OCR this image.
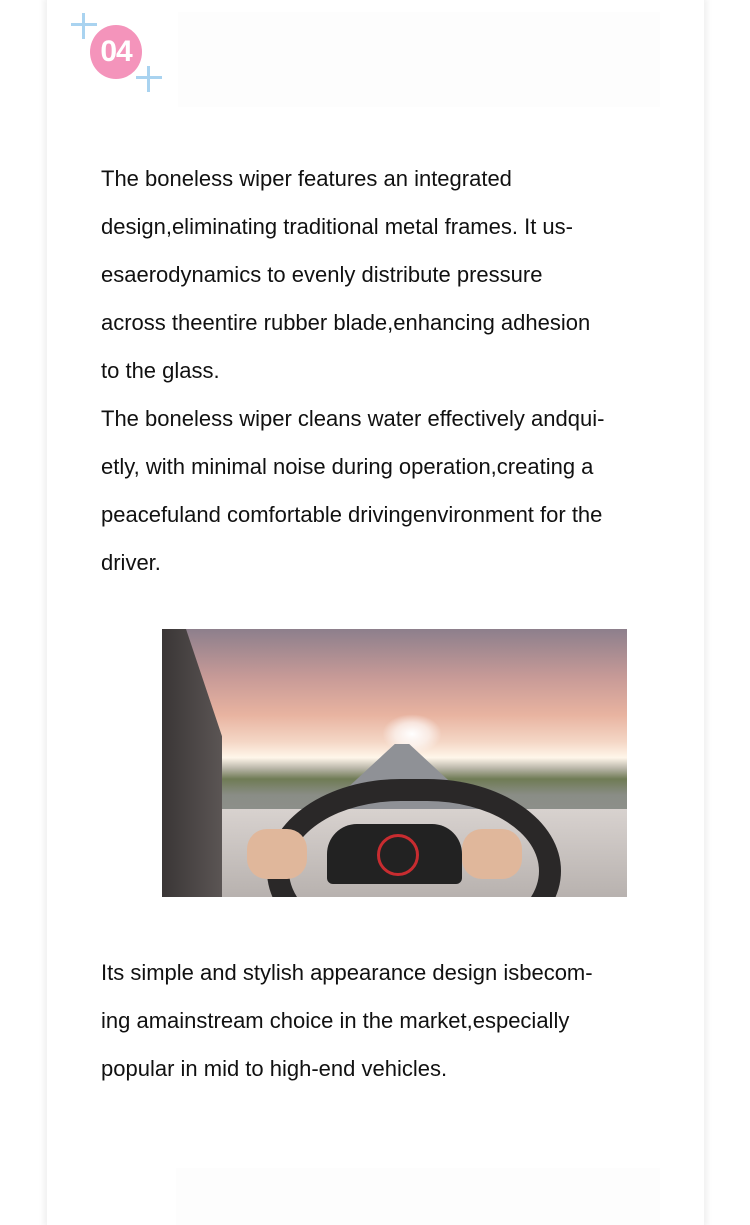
04
The boneless wiper features an integrated
design,eliminating traditional metal frames. It us-
esaerodynamics to evenly distribute pressure
across theentire rubber blade,enhancing adhesion
to the glass.
The boneless wiper cleans water effectively andqui-
etly, with minimal noise during operation,creating a
peacefuland comfortable drivingenvironment for the
driver.
Its simple and stylish appearance design isbecom-
ing amainstream choice in the market,especially
popular in mid to high-end vehicles.
